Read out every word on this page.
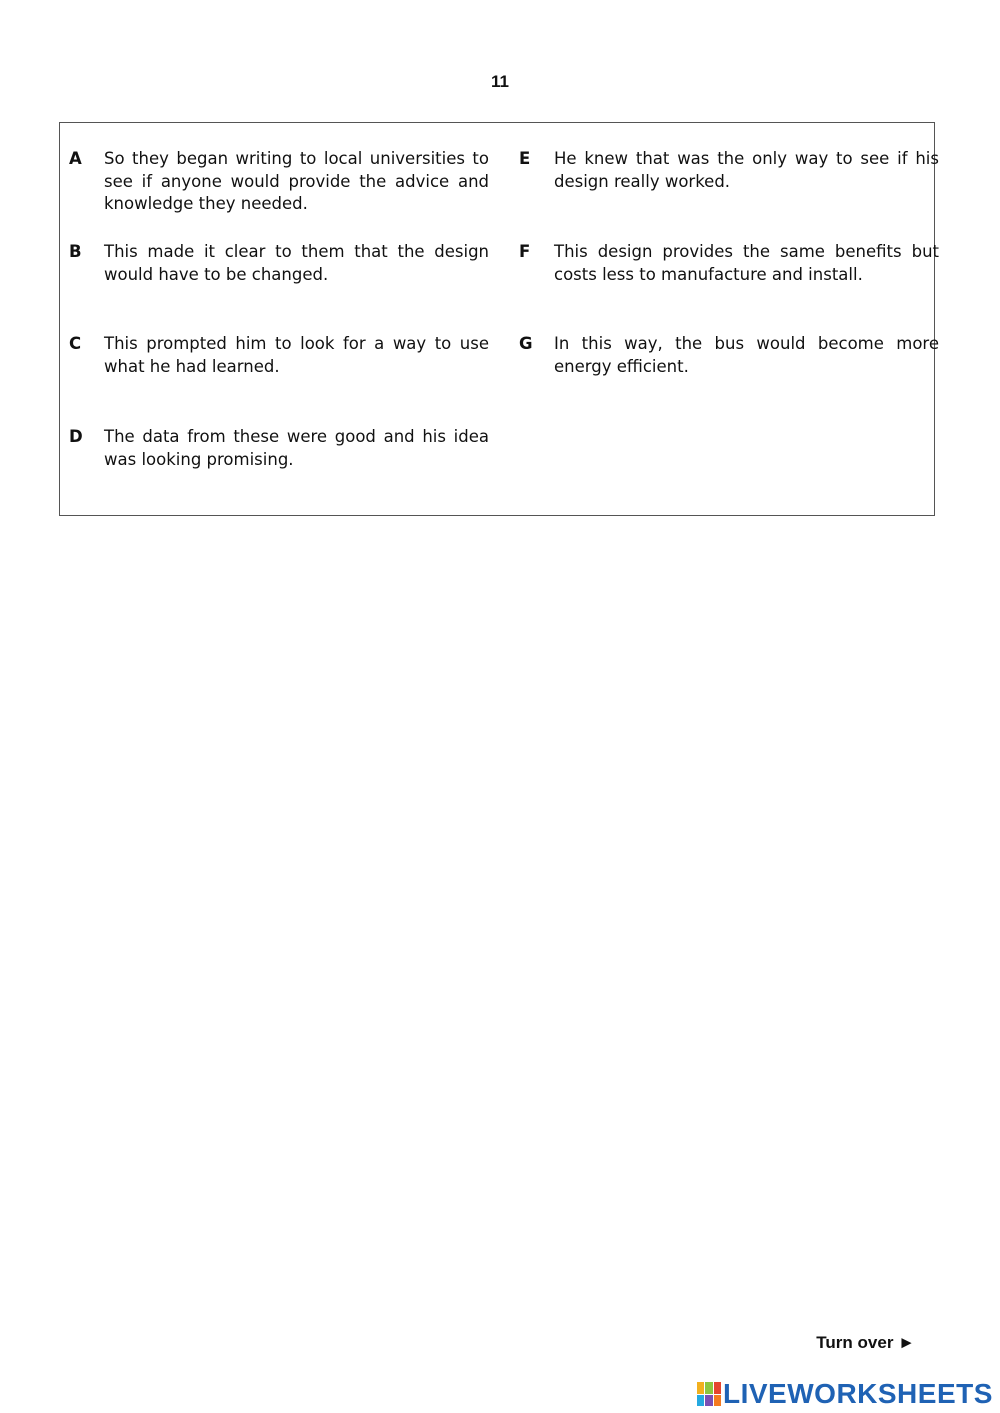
11
A So they began writing to local universities to see if anyone would provide the advice and knowledge they needed.
B This made it clear to them that the design would have to be changed.
C This prompted him to look for a way to use what he had learned.
D The data from these were good and his idea was looking promising.
E He knew that was the only way to see if his design really worked.
F This design provides the same benefits but costs less to manufacture and install.
G In this way, the bus would become more energy efficient.
Turn over ►
LIVEWORKSHEETS
